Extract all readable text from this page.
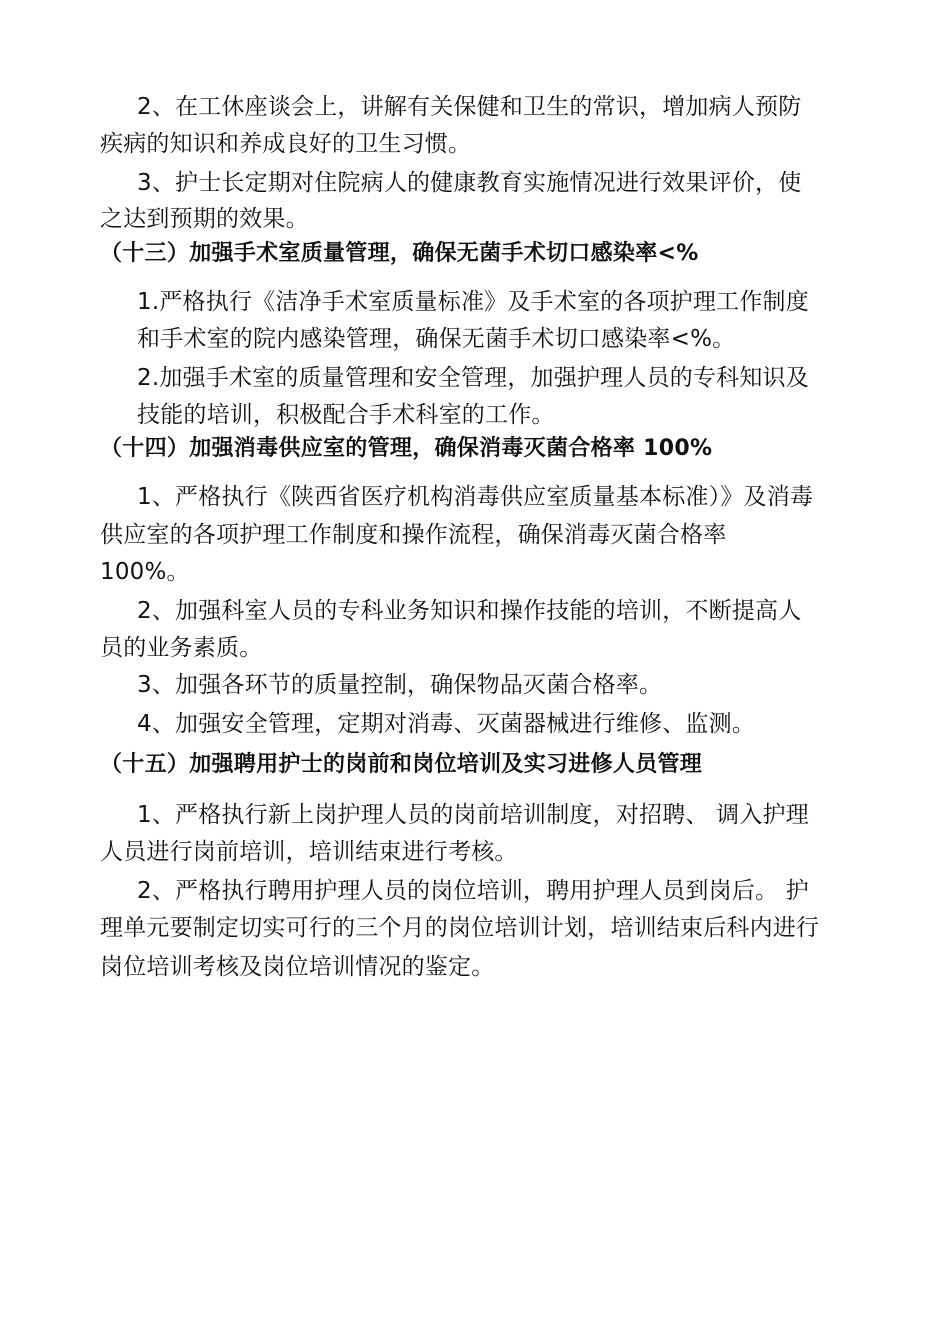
2、在工休座谈会上，讲解有关保健和卫生的常识，增加病人预防
疾病的知识和养成良好的卫生习惯。
3、护士长定期对住院病人的健康教育实施情况进行效果评价，使
之达到预期的效果。
（十三）加强手术室质量管理，确保无菌手术切口感染率<%
1.严格执行《洁净手术室质量标准》及手术室的各项护理工作制度
和手术室的院内感染管理，确保无菌手术切口感染率<%。
2.加强手术室的质量管理和安全管理，加强护理人员的专科知识及
技能的培训，积极配合手术科室的工作。
（十四）加强消毒供应室的管理，确保消毒灭菌合格率 100%
1、严格执行《陕西省医疗机构消毒供应室质量基本标准）》及消毒
供应室的各项护理工作制度和操作流程，确保消毒灭菌合格率
100%。
2、加强科室人员的专科业务知识和操作技能的培训，不断提高人
员的业务素质。
3、加强各环节的质量控制，确保物品灭菌合格率。
4、加强安全管理，定期对消毒、灭菌器械进行维修、监测。
（十五）加强聘用护士的岗前和岗位培训及实习进修人员管理
1、严格执行新上岗护理人员的岗前培训制度，对招聘、 调入护理
人员进行岗前培训，培训结束进行考核。
2、严格执行聘用护理人员的岗位培训，聘用护理人员到岗后。 护
理单元要制定切实可行的三个月的岗位培训计划，培训结束后科内进行
岗位培训考核及岗位培训情况的鉴定。
